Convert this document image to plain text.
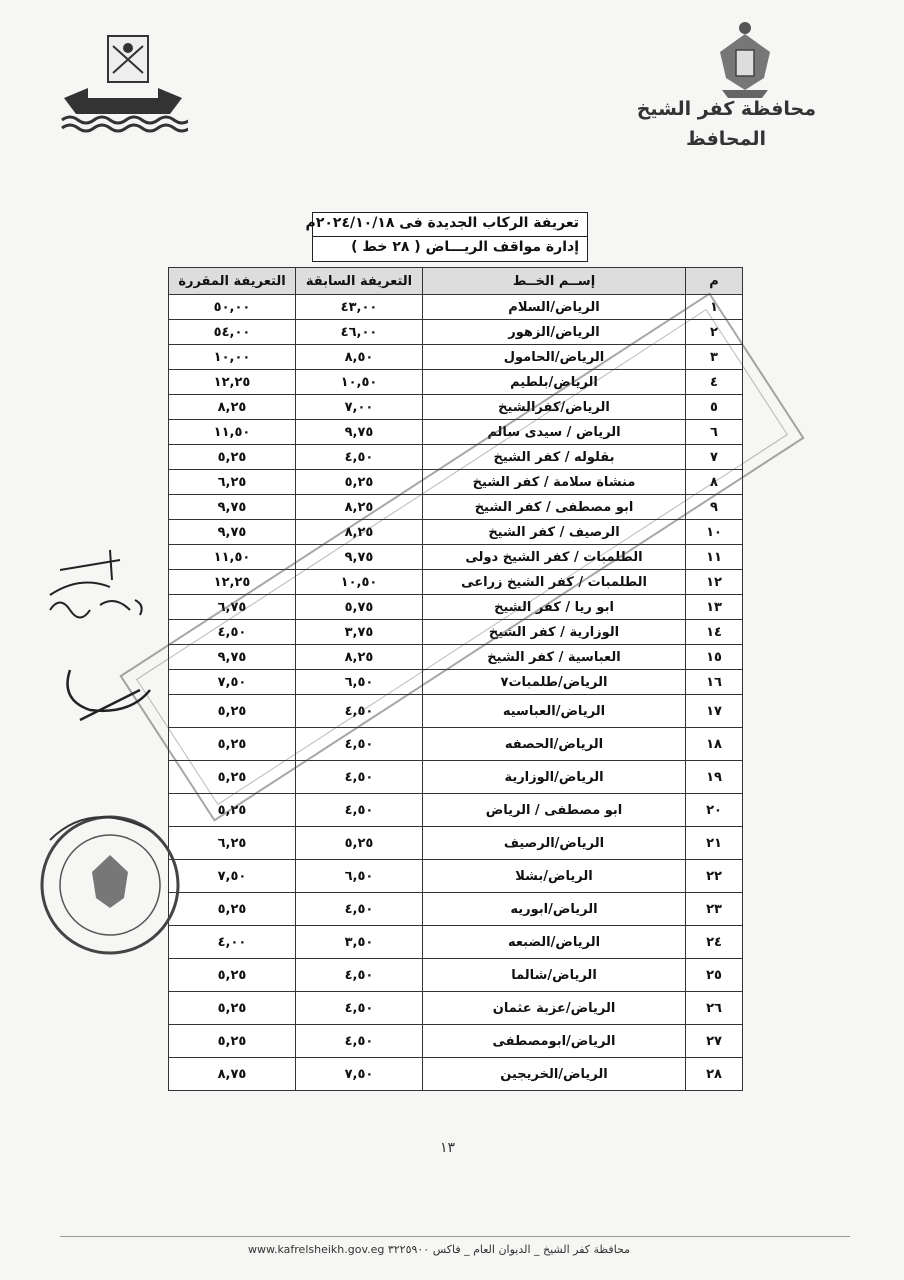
محافظة كفر الشيخ
المحافظ
تعريفة الركاب الجديدة فى ٢٠٢٤/١٠/١٨م
إدارة مواقف الريـــاض ( ٢٨ خط )
م	إســم الخــط	التعريفة السابقة	التعريفة المقررة
١	الرياض/السلام	٤٣,٠٠	٥٠,٠٠
٢	الرياض/الزهور	٤٦,٠٠	٥٤,٠٠
٣	الرياض/الحامول	٨,٥٠	١٠,٠٠
٤	الرياض/بلطيم	١٠,٥٠	١٢,٢٥
٥	الرياض/كفرالشيخ	٧,٠٠	٨,٢٥
٦	الرياض / سيدى سالم	٩,٧٥	١١,٥٠
٧	بقلوله / كفر الشيخ	٤,٥٠	٥,٢٥
٨	منشاة سلامة / كفر الشيخ	٥,٢٥	٦,٢٥
٩	ابو مصطفى / كفر الشيخ	٨,٢٥	٩,٧٥
١٠	الرصيف / كفر الشيخ	٨,٢٥	٩,٧٥
١١	الطلمبات / كفر الشيخ دولى	٩,٧٥	١١,٥٠
١٢	الطلمبات / كفر الشيخ زراعى	١٠,٥٠	١٢,٢٥
١٣	ابو ريا / كفر الشيخ	٥,٧٥	٦,٧٥
١٤	الوزارية / كفر الشيخ	٣,٧٥	٤,٥٠
١٥	العباسية / كفر الشيخ	٨,٢٥	٩,٧٥
١٦	الرياض/طلمبات٧	٦,٥٠	٧,٥٠
١٧	الرياض/العباسيه	٤,٥٠	٥,٢٥
١٨	الرياض/الحصفه	٤,٥٠	٥,٢٥
١٩	الرياض/الوزارية	٤,٥٠	٥,٢٥
٢٠	ابو مصطفى / الرياض	٤,٥٠	٥,٢٥
٢١	الرياض/الرصيف	٥,٢٥	٦,٢٥
٢٢	الرياض/بشلا	٦,٥٠	٧,٥٠
٢٣	الرياض/ابوريه	٤,٥٠	٥,٢٥
٢٤	الرياض/الضبعه	٣,٥٠	٤,٠٠
٢٥	الرياض/شالما	٤,٥٠	٥,٢٥
٢٦	الرياض/عزبة عثمان	٤,٥٠	٥,٢٥
٢٧	الرياض/ابومصطفى	٤,٥٠	٥,٢٥
٢٨	الرياض/الخريجين	٧,٥٠	٨,٧٥
١٣
محافظة كفر الشيخ _ الديوان العام _ فاكس ٣٢٢٥٩٠٠ www.kafrelsheikh.gov.eg
